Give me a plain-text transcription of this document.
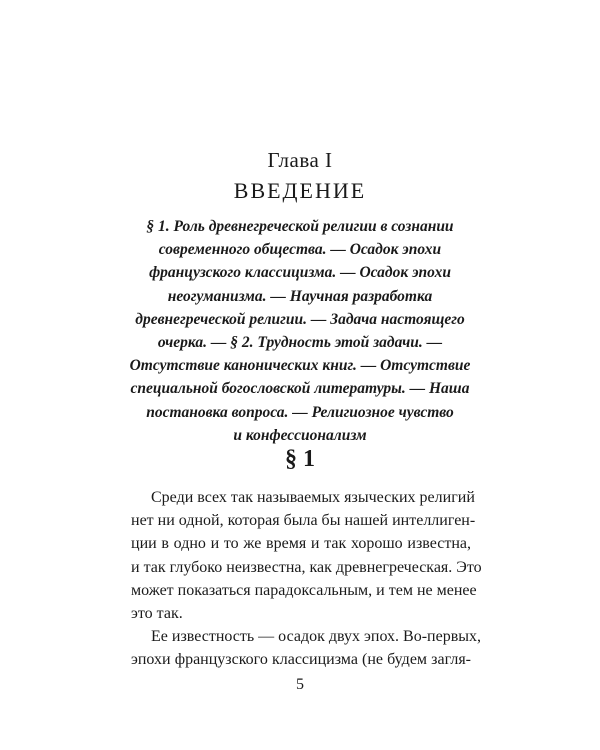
Глава I
ВВЕДЕНИЕ
§ 1. Роль древнегреческой религии в сознании
современного общества. — Осадок эпохи
французского классицизма. — Осадок эпохи
неогуманизма. — Научная разработка
древнегреческой религии. — Задача настоящего
очерка. — § 2. Трудность этой задачи. —
Отсутствие канонических книг. — Отсутствие
специальной богословской литературы. — Наша
постановка вопроса. — Религиозное чувство
и конфессионализм
§ 1
Среди всех так называемых языческих религий
нет ни одной, которая была бы нашей интеллиген-
ции в одно и то же время и так хорошо известна,
и так глубоко неизвестна, как древнегреческая. Это
может показаться парадоксальным, и тем не менее
это так.
Ее известность — осадок двух эпох. Во-первых,
эпохи французского классицизма (не будем загля-
5
